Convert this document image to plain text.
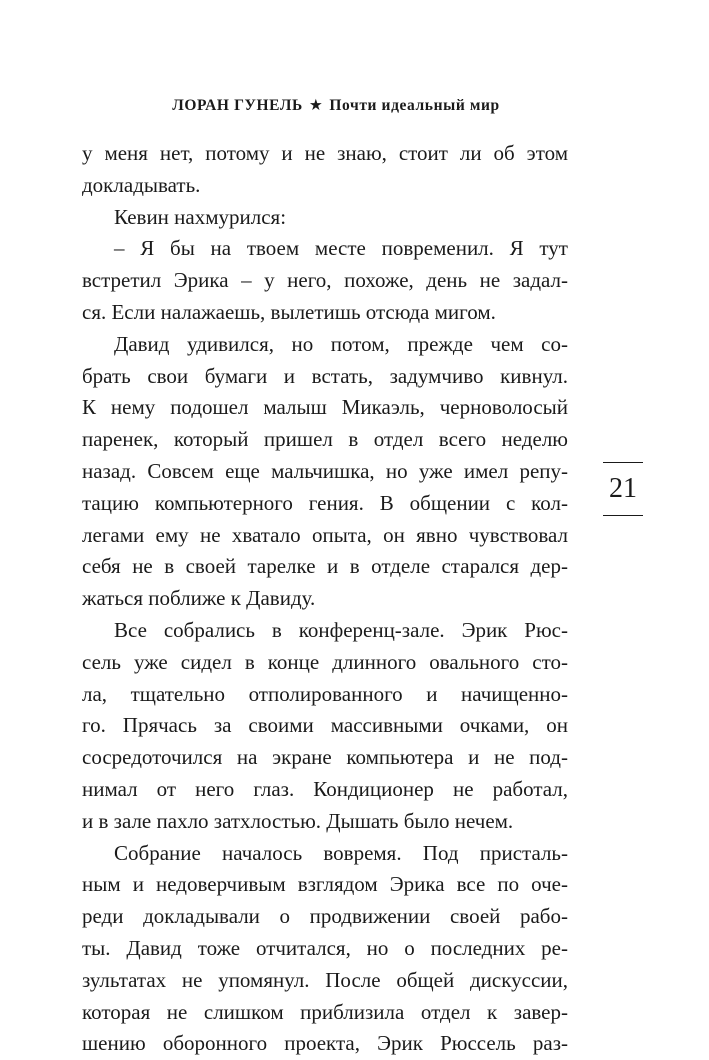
ЛОРАН ГУНЕЛЬ ★ Почти идеальный мир
у меня нет, потому и не знаю, стоит ли об этом
докладывать.
Кевин нахмурился:
– Я бы на твоем месте повременил. Я тут
встретил Эрика – у него, похоже, день не задал-
ся. Если налажаешь, вылетишь отсюда мигом.
Давид удивился, но потом, прежде чем со-
брать свои бумаги и встать, задумчиво кивнул.
К нему подошел малыш Микаэль, черноволосый
паренек, который пришел в отдел всего неделю
назад. Совсем еще мальчишка, но уже имел репу-
тацию компьютерного гения. В общении с кол-
легами ему не хватало опыта, он явно чувствовал
себя не в своей тарелке и в отделе старался дер-
жаться поближе к Давиду.
Все собрались в конференц-зале. Эрик Рюс-
сель уже сидел в конце длинного овального сто-
ла, тщательно отполированного и начищенно-
го. Прячась за своими массивными очками, он
сосредоточился на экране компьютера и не под-
нимал от него глаз. Кондиционер не работал,
и в зале пахло затхлостью. Дышать было нечем.
Собрание началось вовремя. Под присталь-
ным и недоверчивым взглядом Эрика все по оче-
реди докладывали о продвижении своей рабо-
ты. Давид тоже отчитался, но о последних ре-
зультатах не упомянул. После общей дискуссии,
которая не слишком приблизила отдел к завер-
шению оборонного проекта, Эрик Рюссель раз-
21
